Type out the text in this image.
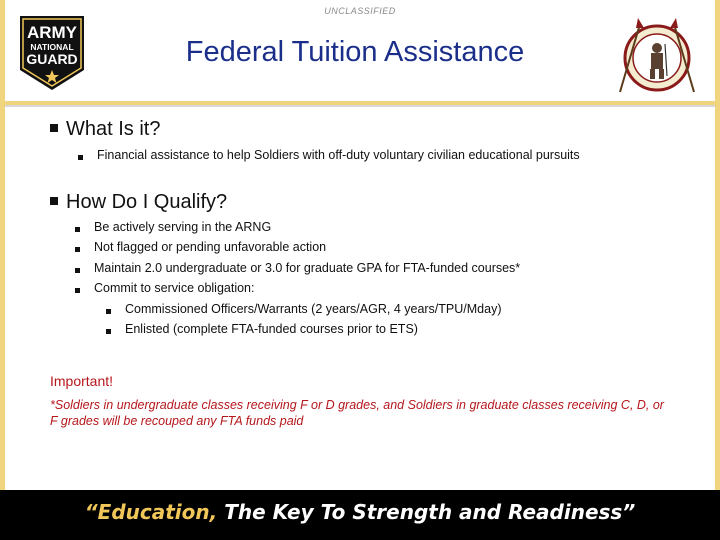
UNCLASSIFIED
ARMY
NATIONAL
GUARD	Federal Tuition Assistance
What Is it?
Financial assistance to help Soldiers with off-duty voluntary civilian educational pursuits
How Do I Qualify?
Be actively serving in the ARNG
Not flagged or pending unfavorable action
Maintain 2.0 undergraduate or 3.0 for graduate GPA for FTA-funded courses*
Commit to service obligation:
Commissioned Officers/Warrants (2 years/AGR, 4 years/TPU/Mday)
Enlisted (complete FTA-funded courses prior to ETS)
Important!
*Soldiers in undergraduate classes receiving F or D grades, and Soldiers in graduate classes receiving C, D, or F grades will be recouped any FTA funds paid
“Education, The Key To Strength and Readiness”
